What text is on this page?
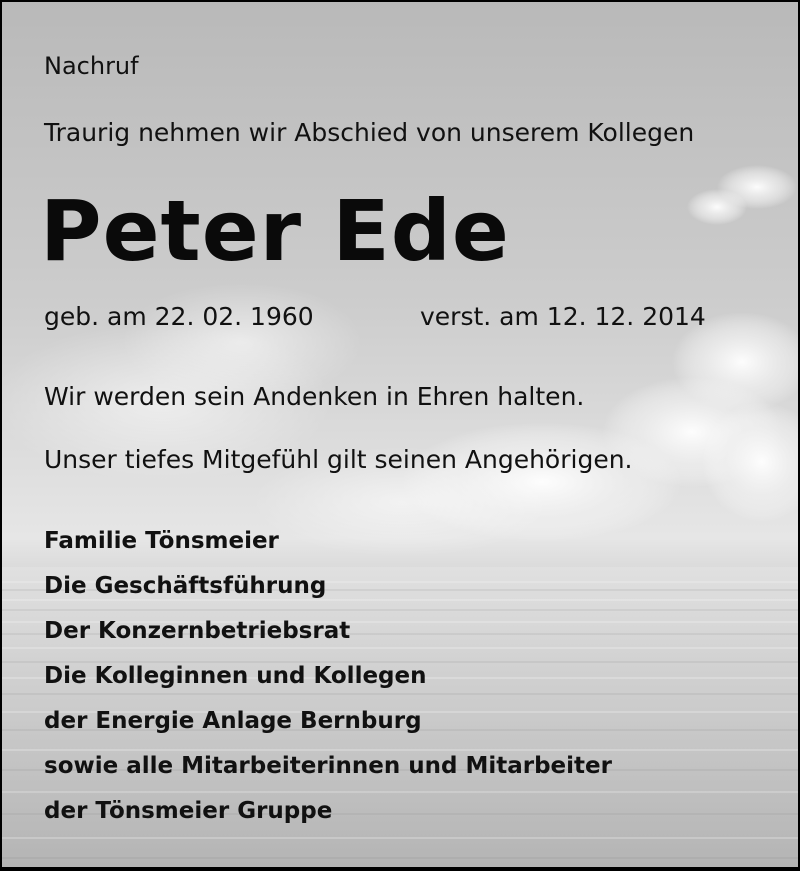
Nachruf

Traurig nehmen wir Abschied von unserem Kollegen

Peter Ede

geb. am 22. 02. 1960	verst. am 12. 12. 2014

Wir werden sein Andenken in Ehren halten.

Unser tiefes Mitgefühl gilt seinen Angehörigen.

Familie Tönsmeier
Die Geschäftsführung
Der Konzernbetriebsrat
Die Kolleginnen und Kollegen
der Energie Anlage Bernburg
sowie alle Mitarbeiterinnen und Mitarbeiter
der Tönsmeier Gruppe
